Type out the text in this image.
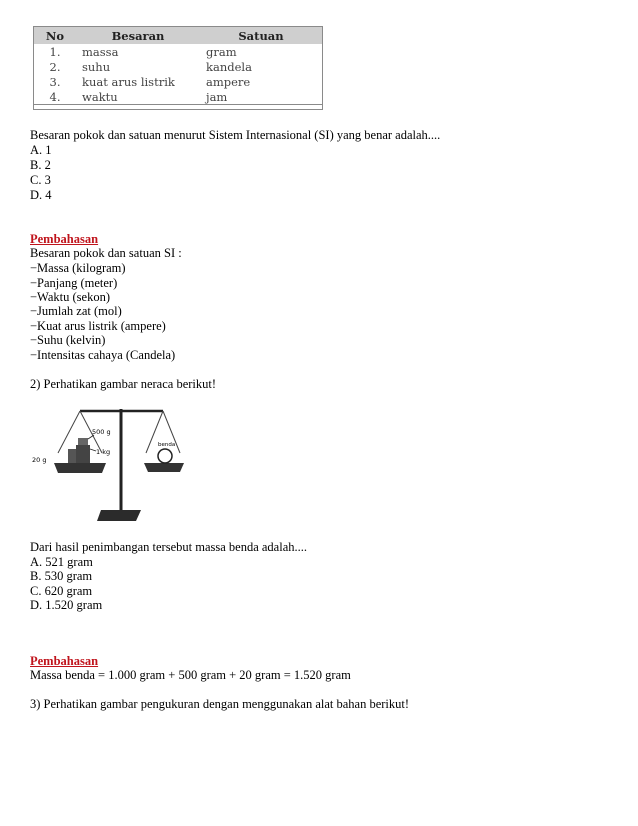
No	Besaran	Satuan
1.	massa	gram
2.	suhu	kandela
3.	kuat arus listrik	ampere
4.	waktu	jam
Besaran pokok dan satuan menurut Sistem Internasional (SI) yang benar adalah....
A. 1
B. 2
C. 3
D. 4
Pembahasan
Besaran pokok dan satuan SI :
−Massa (kilogram)
−Panjang (meter)
−Waktu (sekon)
−Jumlah zat (mol)
−Kuat arus listrik (ampere)
−Suhu (kelvin)
−Intensitas cahaya (Candela)
2) Perhatikan gambar neraca berikut!
500 g
1 kg
20 g
benda
Dari hasil penimbangan tersebut massa benda adalah....
A. 521 gram
B. 530 gram
C. 620 gram
D. 1.520 gram
Pembahasan
Massa benda = 1.000 gram + 500 gram + 20 gram = 1.520 gram
3) Perhatikan gambar pengukuran dengan menggunakan alat bahan berikut!
